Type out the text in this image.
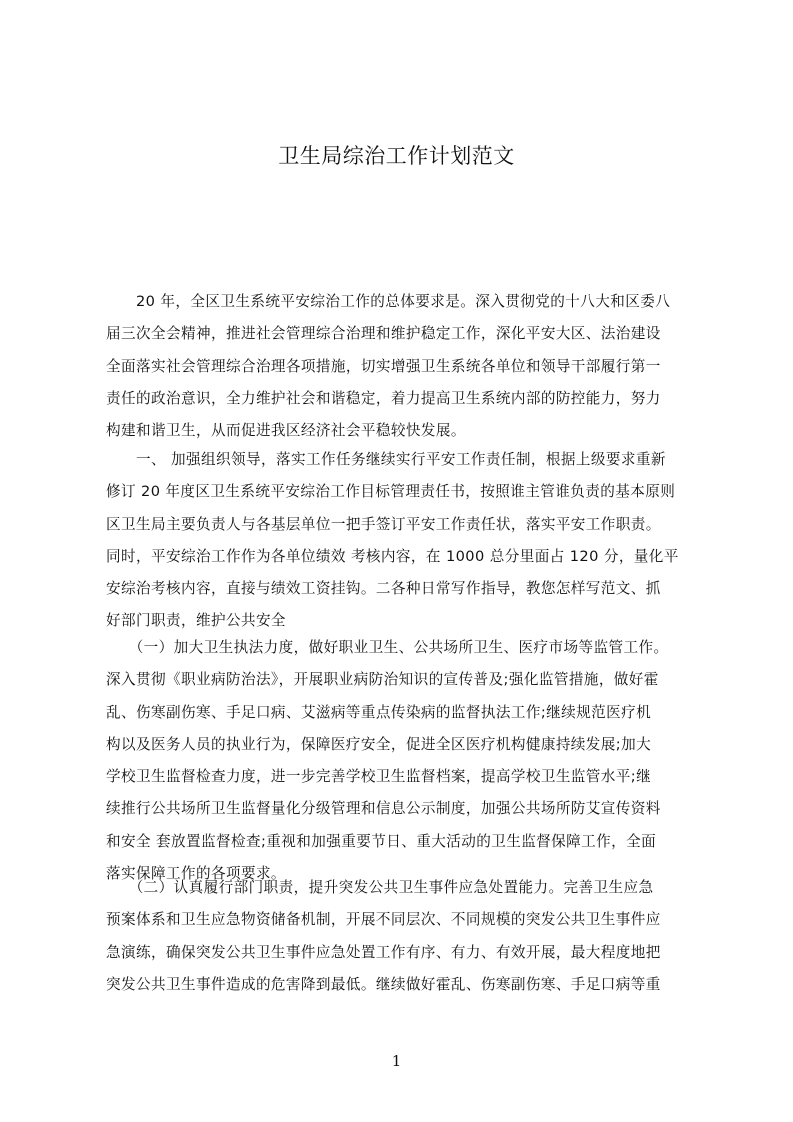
卫生局综治工作计划范文
　　20 年，全区卫生系统平安综治工作的总体要求是。深入贯彻党的十八大和区委八
届三次全会精神，推进社会管理综合治理和维护稳定工作，深化平安大区、法治建设
全面落实社会管理综合治理各项措施，切实增强卫生系统各单位和领导干部履行第一
责任的政治意识，全力维护社会和谐稳定，着力提高卫生系统内部的防控能力，努力
构建和谐卫生，从而促进我区经济社会平稳较快发展。
　　一、 加强组织领导，落实工作任务继续实行平安工作责任制，根据上级要求重新
修订 20 年度区卫生系统平安综治工作目标管理责任书，按照谁主管谁负责的基本原则
区卫生局主要负责人与各基层单位一把手签订平安工作责任状，落实平安工作职责。
同时，平安综治工作作为各单位绩效 考核内容，在 1000 总分里面占 120 分，量化平
安综治考核内容，直接与绩效工资挂钩。二各种日常写作指导，教您怎样写范文、抓
好部门职责，维护公共安全
　　（一）加大卫生执法力度，做好职业卫生、公共场所卫生、医疗市场等监管工作。
深入贯彻《职业病防治法》，开展职业病防治知识的宣传普及;强化监管措施，做好霍
乱、伤寒副伤寒、手足口病、艾滋病等重点传染病的监督执法工作;继续规范医疗机
构以及医务人员的执业行为，保障医疗安全，促进全区医疗机构健康持续发展;加大
学校卫生监督检查力度，进一步完善学校卫生监督档案，提高学校卫生监管水平;继
续推行公共场所卫生监督量化分级管理和信息公示制度，加强公共场所防艾宣传资料
和安全 套放置监督检查;重视和加强重要节日、重大活动的卫生监督保障工作，全面
落实保障工作的各项要求。
　　（二）认真履行部门职责，提升突发公共卫生事件应急处置能力。完善卫生应急
预案体系和卫生应急物资储备机制，开展不同层次、不同规模的突发公共卫生事件应
急演练，确保突发公共卫生事件应急处置工作有序、有力、有效开展，最大程度地把
突发公共卫生事件造成的危害降到最低。继续做好霍乱、伤寒副伤寒、手足口病等重
1
